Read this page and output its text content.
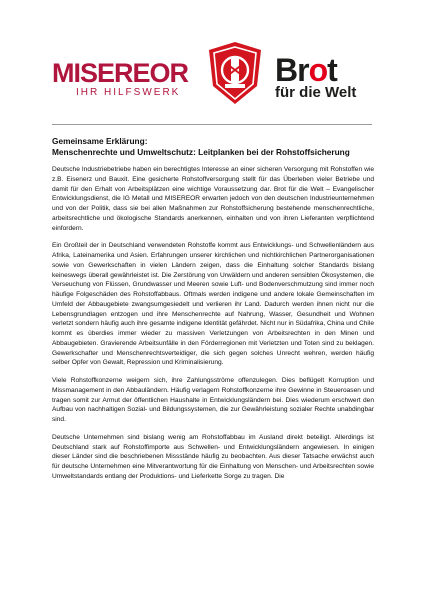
MISEREOR
IHR HILFSWERK
Brot
für die Welt
Gemeinsame Erklärung:
Menschenrechte und Umweltschutz: Leitplanken bei der Rohstoffsicherung

Deutsche Industriebetriebe haben ein berechtigtes Interesse an einer sicheren Versorgung mit Rohstoffen wie z.B. Eisenerz und Bauxit. Eine gesicherte Rohstoffversorgung stellt für das Überleben vieler Betriebe und damit für den Erhalt von Arbeitsplätzen eine wichtige Voraussetzung dar. Brot für die Welt – Evangelischer Entwicklungsdienst, die IG Metall und MISEREOR erwarten jedoch von den deutschen Industrieunternehmen und von der Politik, dass sie bei allen Maßnahmen zur Rohstoffsicherung bestehende menschenrechtliche, arbeitsrechtliche und ökologische Standards anerkennen, einhalten und von ihren Lieferanten verpflichtend einfordern.

Ein Großteil der in Deutschland verwendeten Rohstoffe kommt aus Entwicklungs- und Schwellenländern aus Afrika, Lateinamerika und Asien. Erfahrungen unserer kirchlichen und nichtkirchlichen Partnerorganisationen sowie von Gewerkschaften in vielen Ländern zeigen, dass die Einhaltung solcher Standards bislang keineswegs überall gewährleistet ist. Die Zerstörung von Urwäldern und anderen sensiblen Ökosystemen, die Verseuchung von Flüssen, Grundwasser und Meeren sowie Luft- und Bodenverschmutzung sind immer noch häufige Folgeschäden des Rohstoffabbaus. Oftmals werden indigene und andere lokale Gemeinschaften im Umfeld der Abbaugebiete zwangsumgesiedelt und verlieren ihr Land. Dadurch werden ihnen nicht nur die Lebensgrundlagen entzogen und ihre Menschenrechte auf Nahrung, Wasser, Gesundheit und Wohnen verletzt sondern häufig auch ihre gesamte indigene Identität gefährdet. Nicht nur in Südafrika, China und Chile kommt es überdies immer wieder zu massiven Verletzungen von Arbeitsrechten in den Minen und Abbaugebieten. Gravierende Arbeitsunfälle in den Förderregionen mit Verletzten und Toten sind zu beklagen. Gewerkschafter und Menschenrechtsverteidiger, die sich gegen solches Unrecht wehren, werden häufig selber Opfer von Gewalt, Repression und Kriminalisierung.

Viele Rohstoffkonzerne weigern sich, ihre Zahlungsströme offenzulegen. Dies beflügelt Korruption und Missmanagement in den Abbauländern. Häufig verlagern Rohstoffkonzerne ihre Gewinne in Steueroasen und tragen somit zur Armut der öffentlichen Haushalte in Entwicklungsländern bei. Dies wiederum erschwert den Aufbau von nachhaltigen Sozial- und Bildungssystemen, die zur Gewährleistung sozialer Rechte unabdingbar sind.

Deutsche Unternehmen sind bislang wenig am Rohstoffabbau im Ausland direkt beteiligt. Allerdings ist Deutschland stark auf Rohstoffimporte aus Schwellen- und Entwicklungsländern angewiesen. In einigen dieser Länder sind die beschriebenen Missstände häufig zu beobachten. Aus dieser Tatsache erwächst auch für deutsche Unternehmen eine Mitverantwortung für die Einhaltung von Menschen- und Arbeitsrechten sowie Umweltstandards entlang der Produktions- und Lieferkette Sorge zu tragen. Die
